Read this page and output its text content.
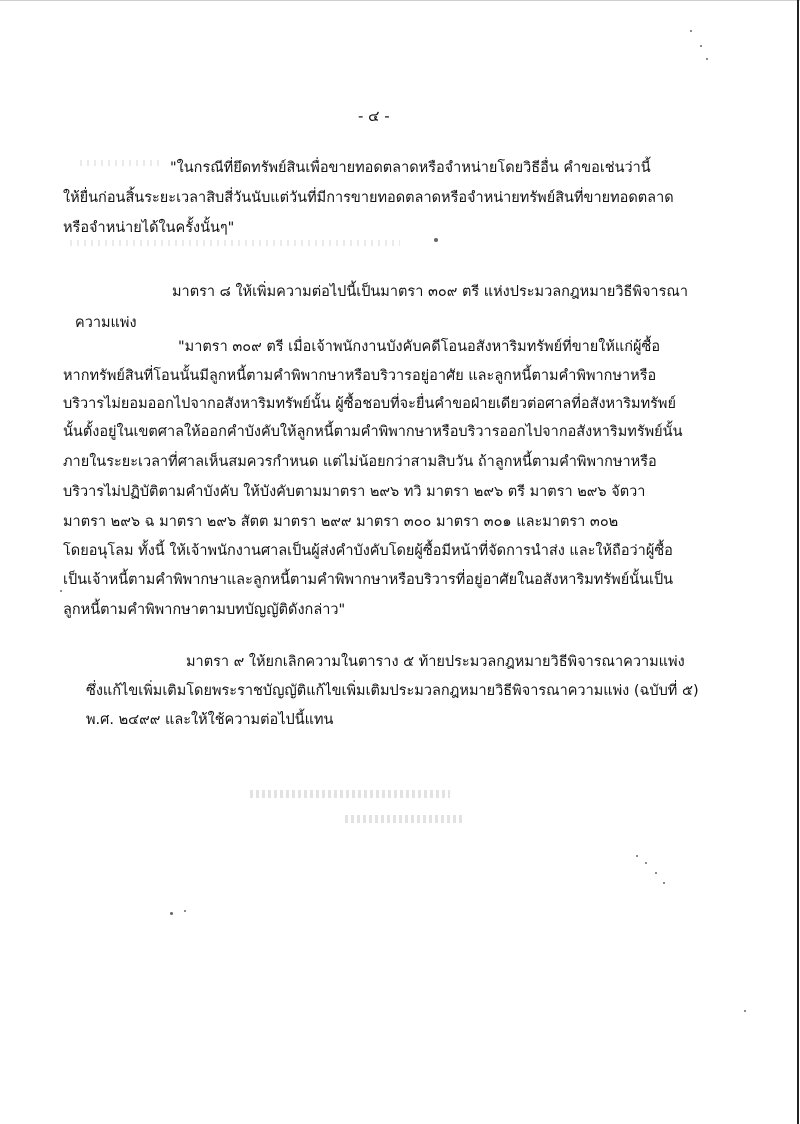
- ๔ -
"ในกรณีที่ยึดทรัพย์สินเพื่อขายทอดตลาดหรือจำหน่ายโดยวิธีอื่น คำขอเช่นว่านี้
ให้ยื่นก่อนสิ้นระยะเวลาสิบสี่วันนับแต่วันที่มีการขายทอดตลาดหรือจำหน่ายทรัพย์สินที่ขายทอดตลาด
หรือจำหน่ายได้ในครั้งนั้นๆ"
มาตรา ๘ ให้เพิ่มความต่อไปนี้เป็นมาตรา ๓๐๙ ตรี แห่งประมวลกฎหมายวิธีพิจารณา
ความแพ่ง
"มาตรา ๓๐๙ ตรี เมื่อเจ้าพนักงานบังคับคดีโอนอสังหาริมทรัพย์ที่ขายให้แก่ผู้ซื้อ
หากทรัพย์สินที่โอนนั้นมีลูกหนี้ตามคำพิพากษาหรือบริวารอยู่อาศัย และลูกหนี้ตามคำพิพากษาหรือ
บริวารไม่ยอมออกไปจากอสังหาริมทรัพย์นั้น ผู้ซื้อชอบที่จะยื่นคำขอฝ่ายเดียวต่อศาลที่อสังหาริมทรัพย์
นั้นตั้งอยู่ในเขตศาลให้ออกคำบังคับให้ลูกหนี้ตามคำพิพากษาหรือบริวารออกไปจากอสังหาริมทรัพย์นั้น
ภายในระยะเวลาที่ศาลเห็นสมควรกำหนด แต่ไม่น้อยกว่าสามสิบวัน ถ้าลูกหนี้ตามคำพิพากษาหรือ
บริวารไม่ปฏิบัติตามคำบังคับ ให้บังคับตามมาตรา ๒๙๖ ทวิ มาตรา ๒๙๖ ตรี มาตรา ๒๙๖ จัตวา
มาตรา ๒๙๖ ฉ มาตรา ๒๙๖ สัตต มาตรา ๒๙๙ มาตรา ๓๐๐ มาตรา ๓๐๑ และมาตรา ๓๐๒
โดยอนุโลม ทั้งนี้ ให้เจ้าพนักงานศาลเป็นผู้ส่งคำบังคับโดยผู้ซื้อมีหน้าที่จัดการนำส่ง และให้ถือว่าผู้ซื้อ
เป็นเจ้าหนี้ตามคำพิพากษาและลูกหนี้ตามคำพิพากษาหรือบริวารที่อยู่อาศัยในอสังหาริมทรัพย์นั้นเป็น
ลูกหนี้ตามคำพิพากษาตามบทบัญญัติดังกล่าว"
มาตรา ๙ ให้ยกเลิกความในตาราง ๕ ท้ายประมวลกฎหมายวิธีพิจารณาความแพ่ง
ซึ่งแก้ไขเพิ่มเติมโดยพระราชบัญญัติแก้ไขเพิ่มเติมประมวลกฎหมายวิธีพิจารณาความแพ่ง (ฉบับที่ ๕)
พ.ศ. ๒๔๙๙ และให้ใช้ความต่อไปนี้แทน
